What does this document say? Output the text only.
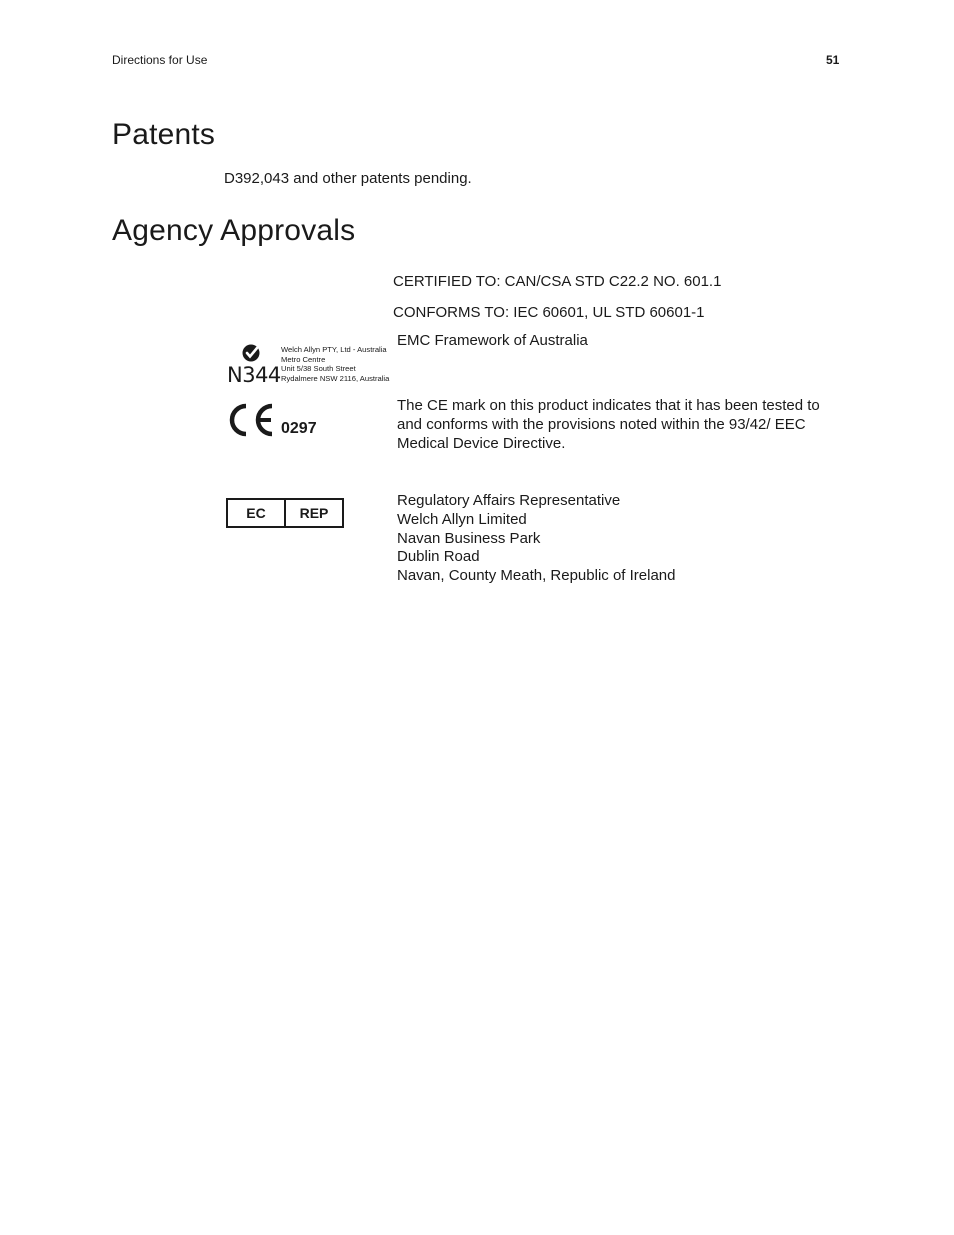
Directions for Use	51
Patents
D392,043 and other patents pending.
Agency Approvals
CERTIFIED TO: CAN/CSA STD C22.2 NO. 601.1
CONFORMS TO: IEC 60601, UL STD 60601-1
N344
Welch Allyn PTY, Ltd - Australia
Metro Centre
Unit 5/38 South Street
Rydalmere NSW 2116, Australia
EMC Framework of Australia
0297
The CE mark on this product indicates that it has been tested to and conforms with the provisions noted within the 93/42/ EEC Medical Device Directive.
EC	REP
Regulatory Affairs Representative
Welch Allyn Limited
Navan Business Park
Dublin Road
Navan, County Meath, Republic of Ireland
